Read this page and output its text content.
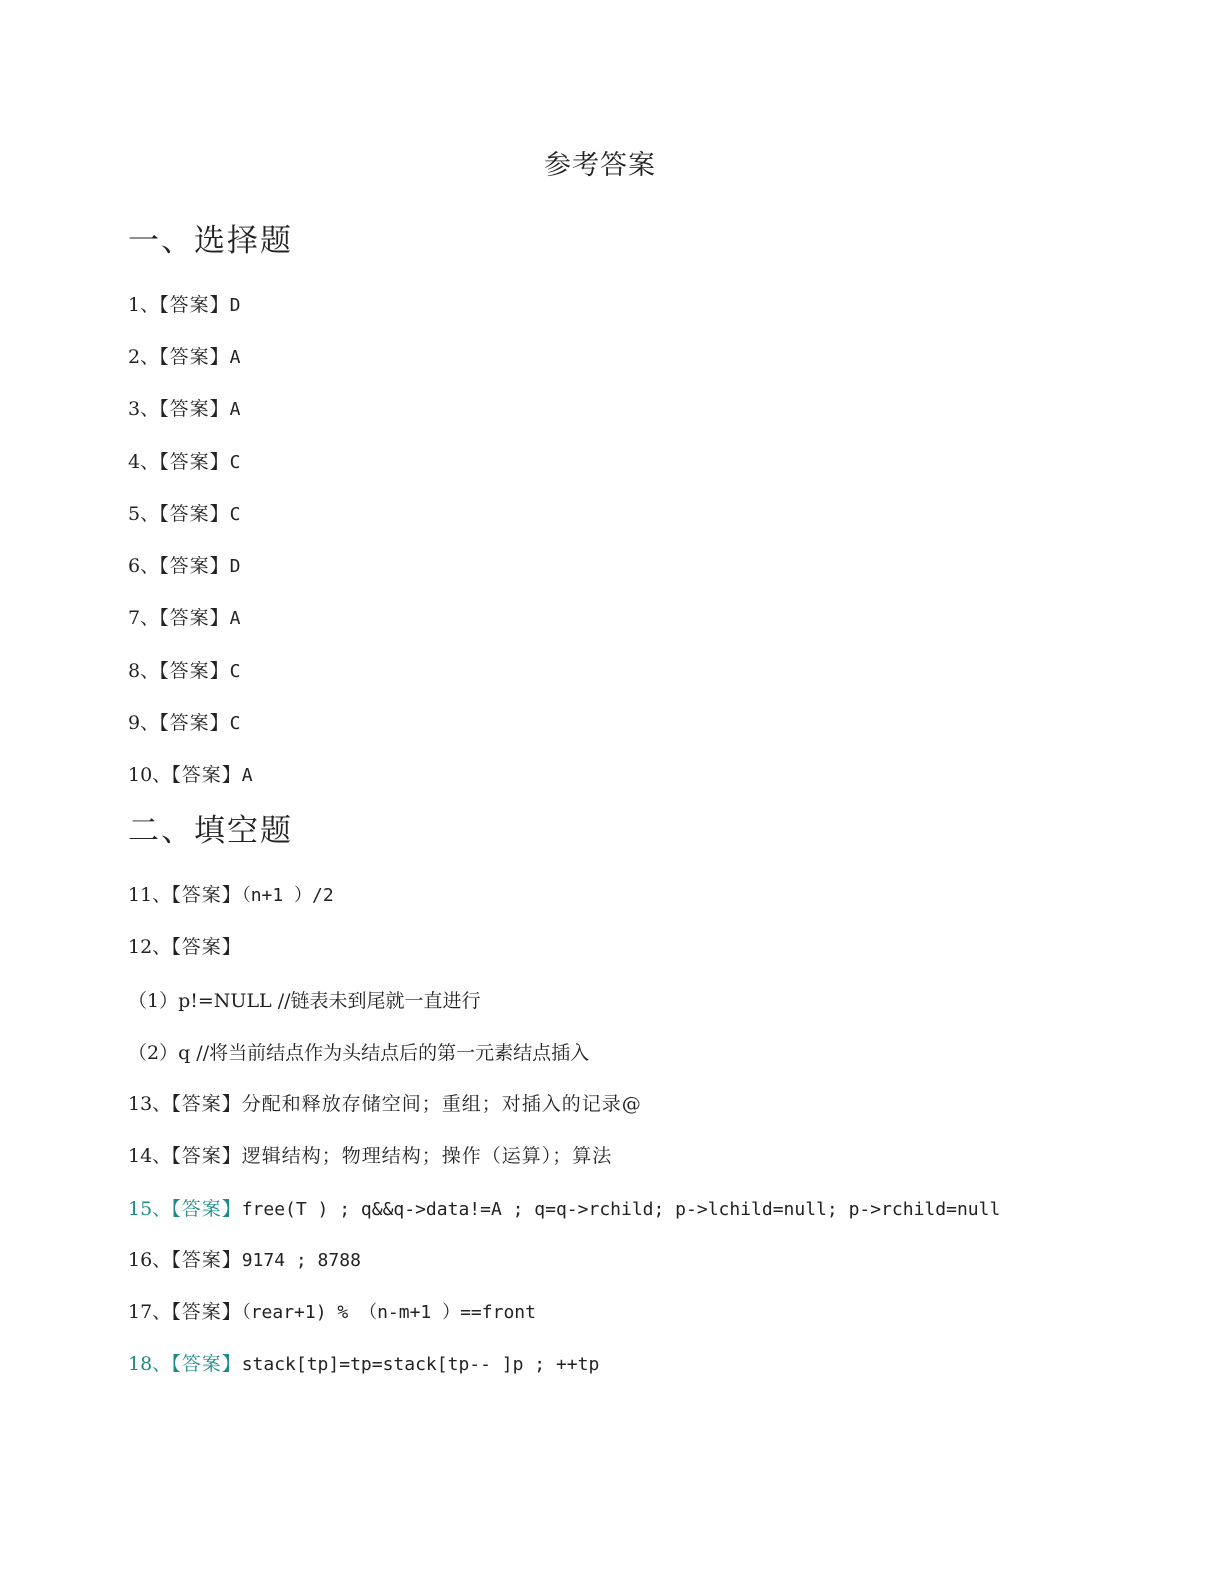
参考答案
一、选择题
1、【答案】D
2、【答案】A
3、【答案】A
4、【答案】C
5、【答案】C
6、【答案】D
7、【答案】A
8、【答案】C
9、【答案】C
10、【答案】A
二、填空题
11、【答案】（n+1 ）/2
12、【答案】
（1）p!=NULL //链表未到尾就一直进行
（2）q //将当前结点作为头结点后的第一元素结点插入
13、【答案】分配和释放存储空间；重组；对插入的记录@
14、【答案】逻辑结构；物理结构；操作（运算）；算法
15、【答案】free(T ) ; q&&q->data!=A ; q=q->rchild; p->lchild=null; p->rchild=null
16、【答案】9174 ; 8788
17、【答案】（rear+1) % （n-m+1 ）==front
18、【答案】stack[tp]=tp=stack[tp-- ]p ; ++tp
